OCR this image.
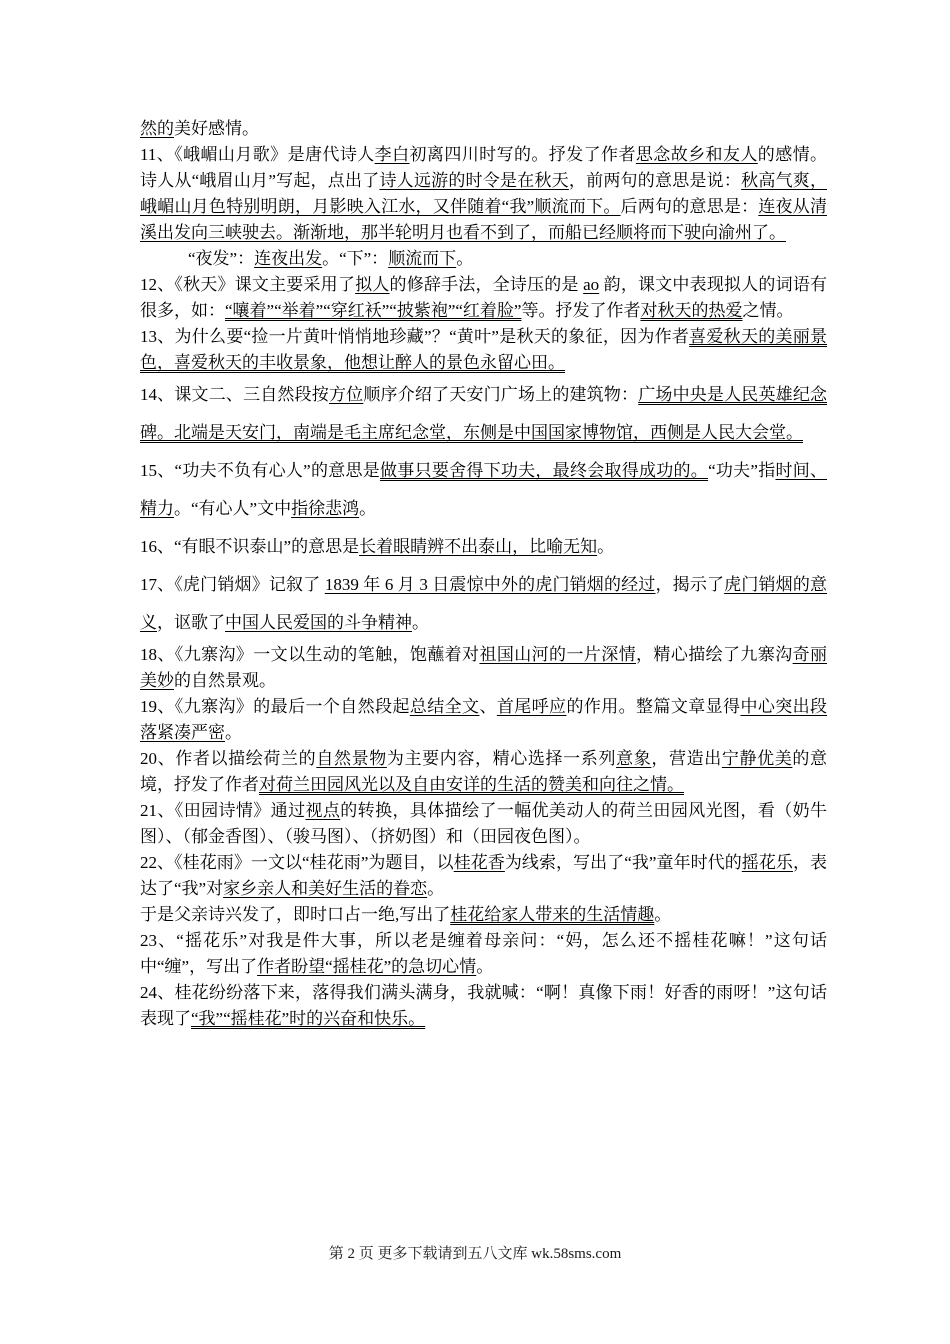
然的美好感情。

11、《峨嵋山月歌》是唐代诗人李白初离四川时写的。抒发了作者思念故乡和友人的感情。诗人从“峨眉山月”写起，点出了诗人远游的时令是在秋天，前两句的意思是说：秋高气爽，峨嵋山月色特别明朗，月影映入江水，又伴随着“我”顺流而下。后两句的意思是：连夜从清溪出发向三峡驶去。渐渐地，那半轮明月也看不到了，而船已经顺将而下驶向渝州了。

“夜发”：连夜出发。“下”：顺流而下。

12、《秋天》课文主要采用了拟人的修辞手法，全诗压的是 ao 韵，课文中表现拟人的词语有很多，如：“嚷着”“举着”“穿红袄”“披紫袍”“红着脸”等。抒发了作者对秋天的热爱之情。

13、为什么要“捡一片黄叶悄悄地珍藏”？“黄叶”是秋天的象征，因为作者喜爱秋天的美丽景色，喜爱秋天的丰收景象，他想让醉人的景色永留心田。

14、课文二、三自然段按方位顺序介绍了天安门广场上的建筑物：广场中央是人民英雄纪念碑。北端是天安门，南端是毛主席纪念堂，东侧是中国国家博物馆，西侧是人民大会堂。

15、“功夫不负有心人”的意思是做事只要舍得下功夫，最终会取得成功的。“功夫”指时间、精力。“有心人”文中指徐悲鸿。

16、“有眼不识泰山”的意思是长着眼睛辨不出泰山，比喻无知。

17、《虎门销烟》记叙了 1839 年 6 月 3 日震惊中外的虎门销烟的经过，揭示了虎门销烟的意义，讴歌了中国人民爱国的斗争精神。

18、《九寨沟》一文以生动的笔触，饱蘸着对祖国山河的一片深情，精心描绘了九寨沟奇丽美妙的自然景观。

19、《九寨沟》的最后一个自然段起总结全文、首尾呼应的作用。整篇文章显得中心突出段落紧凑严密。

20、作者以描绘荷兰的自然景物为主要内容，精心选择一系列意象，营造出宁静优美的意境，抒发了作者对荷兰田园风光以及自由安详的生活的赞美和向往之情。

21、《田园诗情》通过视点的转换，具体描绘了一幅优美动人的荷兰田园风光图，看（奶牛图）、（郁金香图）、（骏马图）、（挤奶图）和（田园夜色图）。

22、《桂花雨》一文以“桂花雨”为题目，以桂花香为线索，写出了“我”童年时代的摇花乐，表达了“我”对家乡亲人和美好生活的眷恋。

于是父亲诗兴发了，即时口占一绝,写出了桂花给家人带来的生活情趣。

23、“摇花乐”对我是件大事，所以老是缠着母亲问：“妈，怎么还不摇桂花嘛！”这句话中“缠”，写出了作者盼望“摇桂花”的急切心情。

24、桂花纷纷落下来，落得我们满头满身，我就喊：“啊！真像下雨！好香的雨呀！”这句话表现了“我”“摇桂花”时的兴奋和快乐。

第 2 页 更多下载请到五八文库 wk.58sms.com
